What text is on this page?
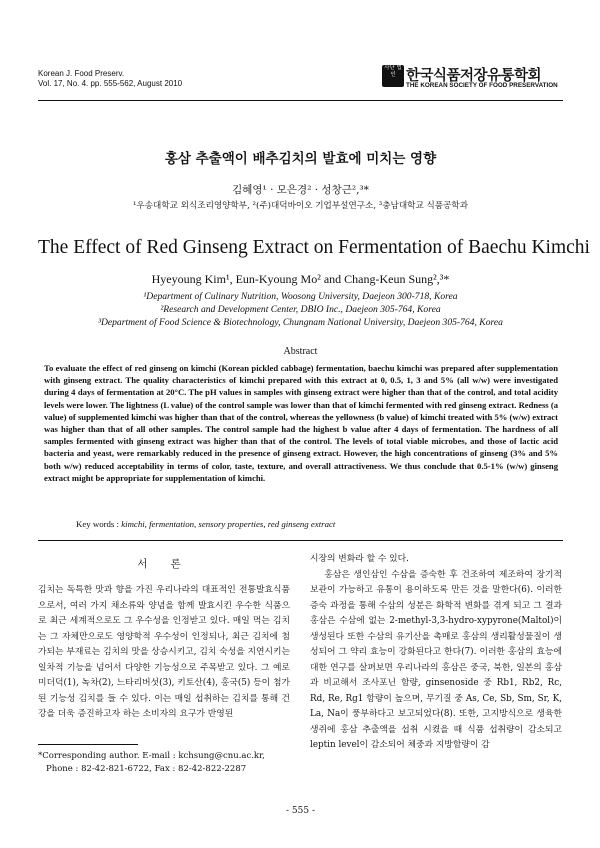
Korean J. Food Preserv.
Vol. 17, No. 4. pp. 555-562, August 2010
사단 법인 한국식품저장유통학회
THE KOREAN SOCIETY OF FOOD PRESERVATION
홍삼 추출액이 배추김치의 발효에 미치는 영향
김혜영¹ · 모은경² · 성창근²,³*
¹우송대학교 외식조리영양학부, ²(주)대덕바이오 기업부설연구소, ³충남대학교 식품공학과
The Effect of Red Ginseng Extract on Fermentation of Baechu Kimchi
Hyeyoung Kim¹, Eun-Kyoung Mo² and Chang-Keun Sung²,³*
¹Department of Culinary Nutrition, Woosong University, Daejeon 300-718, Korea
²Research and Development Center, DBIO Inc., Daejeon 305-764, Korea
³Department of Food Science & Biotechnology, Chungnam National University, Daejeon 305-764, Korea
Abstract
To evaluate the effect of red ginseng on kimchi (Korean pickled cabbage) fermentation, baechu kimchi was prepared after supplementation with ginseng extract. The quality characteristics of kimchi prepared with this extract at 0, 0.5, 1, 3 and 5% (all w/w) were investigated during 4 days of fermentation at 20°C. The pH values in samples with ginseng extract were higher than that of the control, and total acidity levels were lower. The lightness (L value) of the control sample was lower than that of kimchi fermented with red ginseng extract. Redness (a value) of supplemented kimchi was higher than that of the control, whereas the yellowness (b value) of kimchi treated with 5% (w/w) extract was higher than that of all other samples. The control sample had the highest b value after 4 days of fermentation. The hardness of all samples fermented with ginseng extract was higher than that of the control. The levels of total viable microbes, and those of lactic acid bacteria and yeast, were remarkably reduced in the presence of ginseng extract. However, the high concentrations of ginseng (3% and 5% both w/w) reduced acceptability in terms of color, taste, texture, and overall attractiveness. We thus conclude that 0.5-1% (w/w) ginseng extract might be appropriate for supplementation of kimchi.
Key words : kimchi, fermentation, sensory properties, red ginseng extract
서 론
김치는 독특한 맛과 향을 가진 우리나라의 대표적인 전통발효식품으로서, 여러 가지 채소류와 양념을 함께 발효시킨 우수한 식품으로 최근 세계적으로도 그 우수성을 인정받고 있다. 매일 먹는 김치는 그 자체만으로도 영양학적 우수성이 인정되나, 최근 김치에 첨가되는 부재료는 김치의 맛을 상승시키고, 김치 숙성을 지연시키는 일차적 기능을 넘어서 다양한 기능성으로 주목받고 있다. 그 예로 미더덕(1), 녹차(2), 느타리버섯(3), 키토산(4), 홍국(5) 등이 첨가된 기능성 김치를 들 수 있다. 이는 매일 섭취하는 김치를 통해 건강을 더욱 증진하고자 하는 소비자의 요구가 반영된
시장의 변화라 할 수 있다.
홍삼은 생인삼인 수삼을 증숙한 후 건조하여 제조하여 장기적 보관이 가능하고 유통이 용이하도록 만든 것을 말한다(6). 이러한 증숙 과정을 통해 수삼의 성분은 화학적 변화를 겪게 되고 그 결과 홍삼은 수삼에 없는 2-methyl-3,3-hydro-xypyrone(Maltol)이 생성된다 또한 수삼의 유기산을 촉매로 홍삼의 생리활성물질이 생성되어 그 약리 효능이 강화된다고 한다(7). 이러한 홍삼의 효능에 대한 연구를 살펴보면 우리나라의 홍삼은 중국, 북한, 일본의 홍삼과 비교해서 조사포닌 함량, ginsenoside 중 Rb1, Rb2, Rc, Rd, Re, Rg1 함량이 높으며, 무기질 중 As, Ce, Sb, Sm, Sr, K, La, Na이 풍부하다고 보고되었다(8). 또한, 고지방식으로 생육한 생쥐에 홍삼 추출액을 섭취 시켰을 때 식품 섭취량이 감소되고 leptin level이 감소되어 체중과 지방함량이 감
*Corresponding author. E-mail : kchsung@cnu.ac.kr,
Phone : 82-42-821-6722, Fax : 82-42-822-2287
- 555 -
